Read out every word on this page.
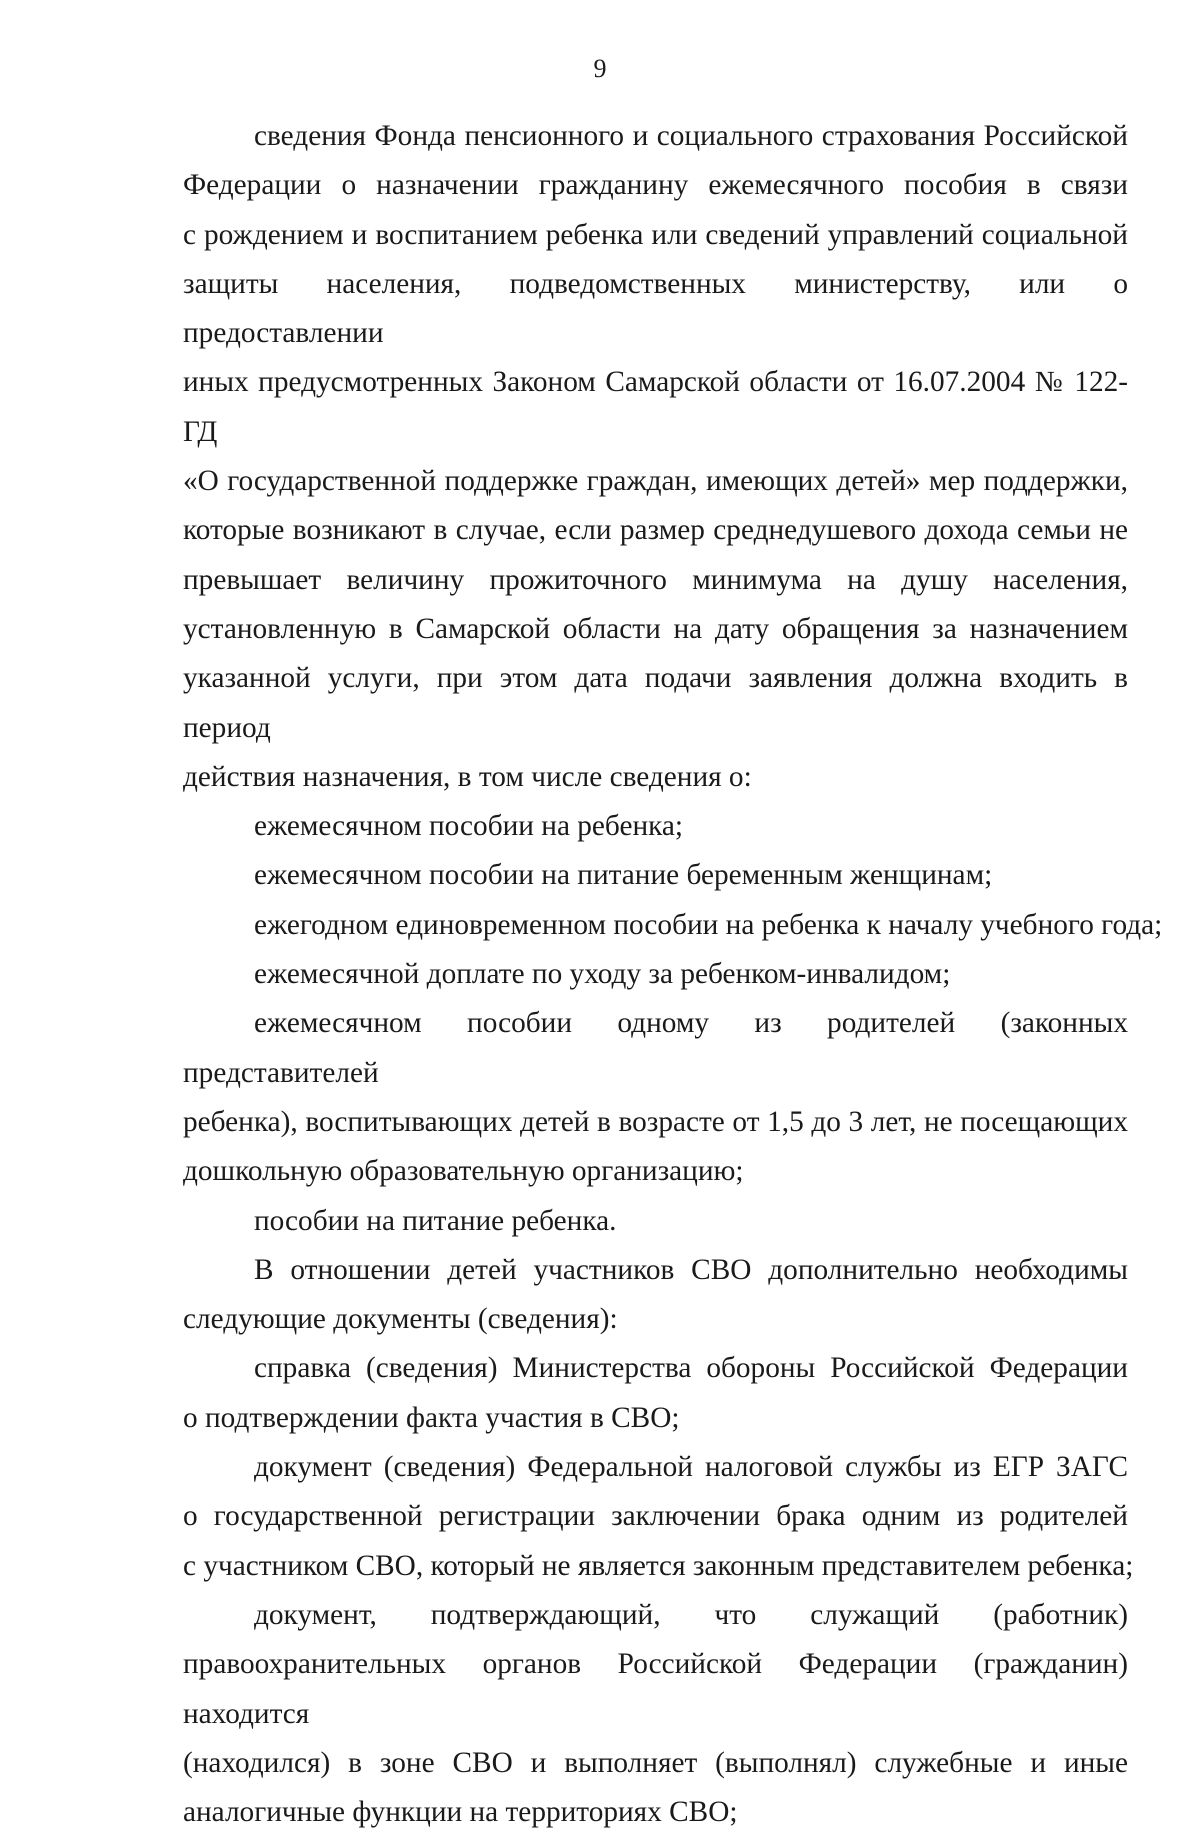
9
сведения Фонда пенсионного и социального страхования Российской
Федерации о назначении гражданину ежемесячного пособия в связи
с рождением и воспитанием ребенка или сведений управлений социальной
защиты населения, подведомственных министерству, или о предоставлении
иных предусмотренных Законом Самарской области от 16.07.2004 № 122-ГД
«О государственной поддержке граждан, имеющих детей» мер поддержки,
которые возникают в случае, если размер среднедушевого дохода семьи не
превышает величину прожиточного минимума на душу населения,
установленную в Самарской области на дату обращения за назначением
указанной услуги, при этом дата подачи заявления должна входить в период
действия назначения, в том числе сведения о:
ежемесячном пособии на ребенка;
ежемесячном пособии на питание беременным женщинам;
ежегодном единовременном пособии на ребенка к началу учебного года;
ежемесячной доплате по уходу за ребенком-инвалидом;
ежемесячном пособии одному из родителей (законных представителей
ребенка), воспитывающих детей в возрасте от 1,5 до 3 лет, не посещающих
дошкольную образовательную организацию;
пособии на питание ребенка.
В отношении детей участников СВО дополнительно необходимы
следующие документы (сведения):
справка (сведения) Министерства обороны Российской Федерации
о подтверждении факта участия в СВО;
документ (сведения) Федеральной налоговой службы из ЕГР ЗАГС
о государственной регистрации заключении брака одним из родителей
с участником СВО, который не является законным представителем ребенка;
документ, подтверждающий, что служащий (работник)
правоохранительных органов Российской Федерации (гражданин) находится
(находился) в зоне СВО и выполняет (выполнял) служебные и иные
аналогичные функции на территориях СВО;
